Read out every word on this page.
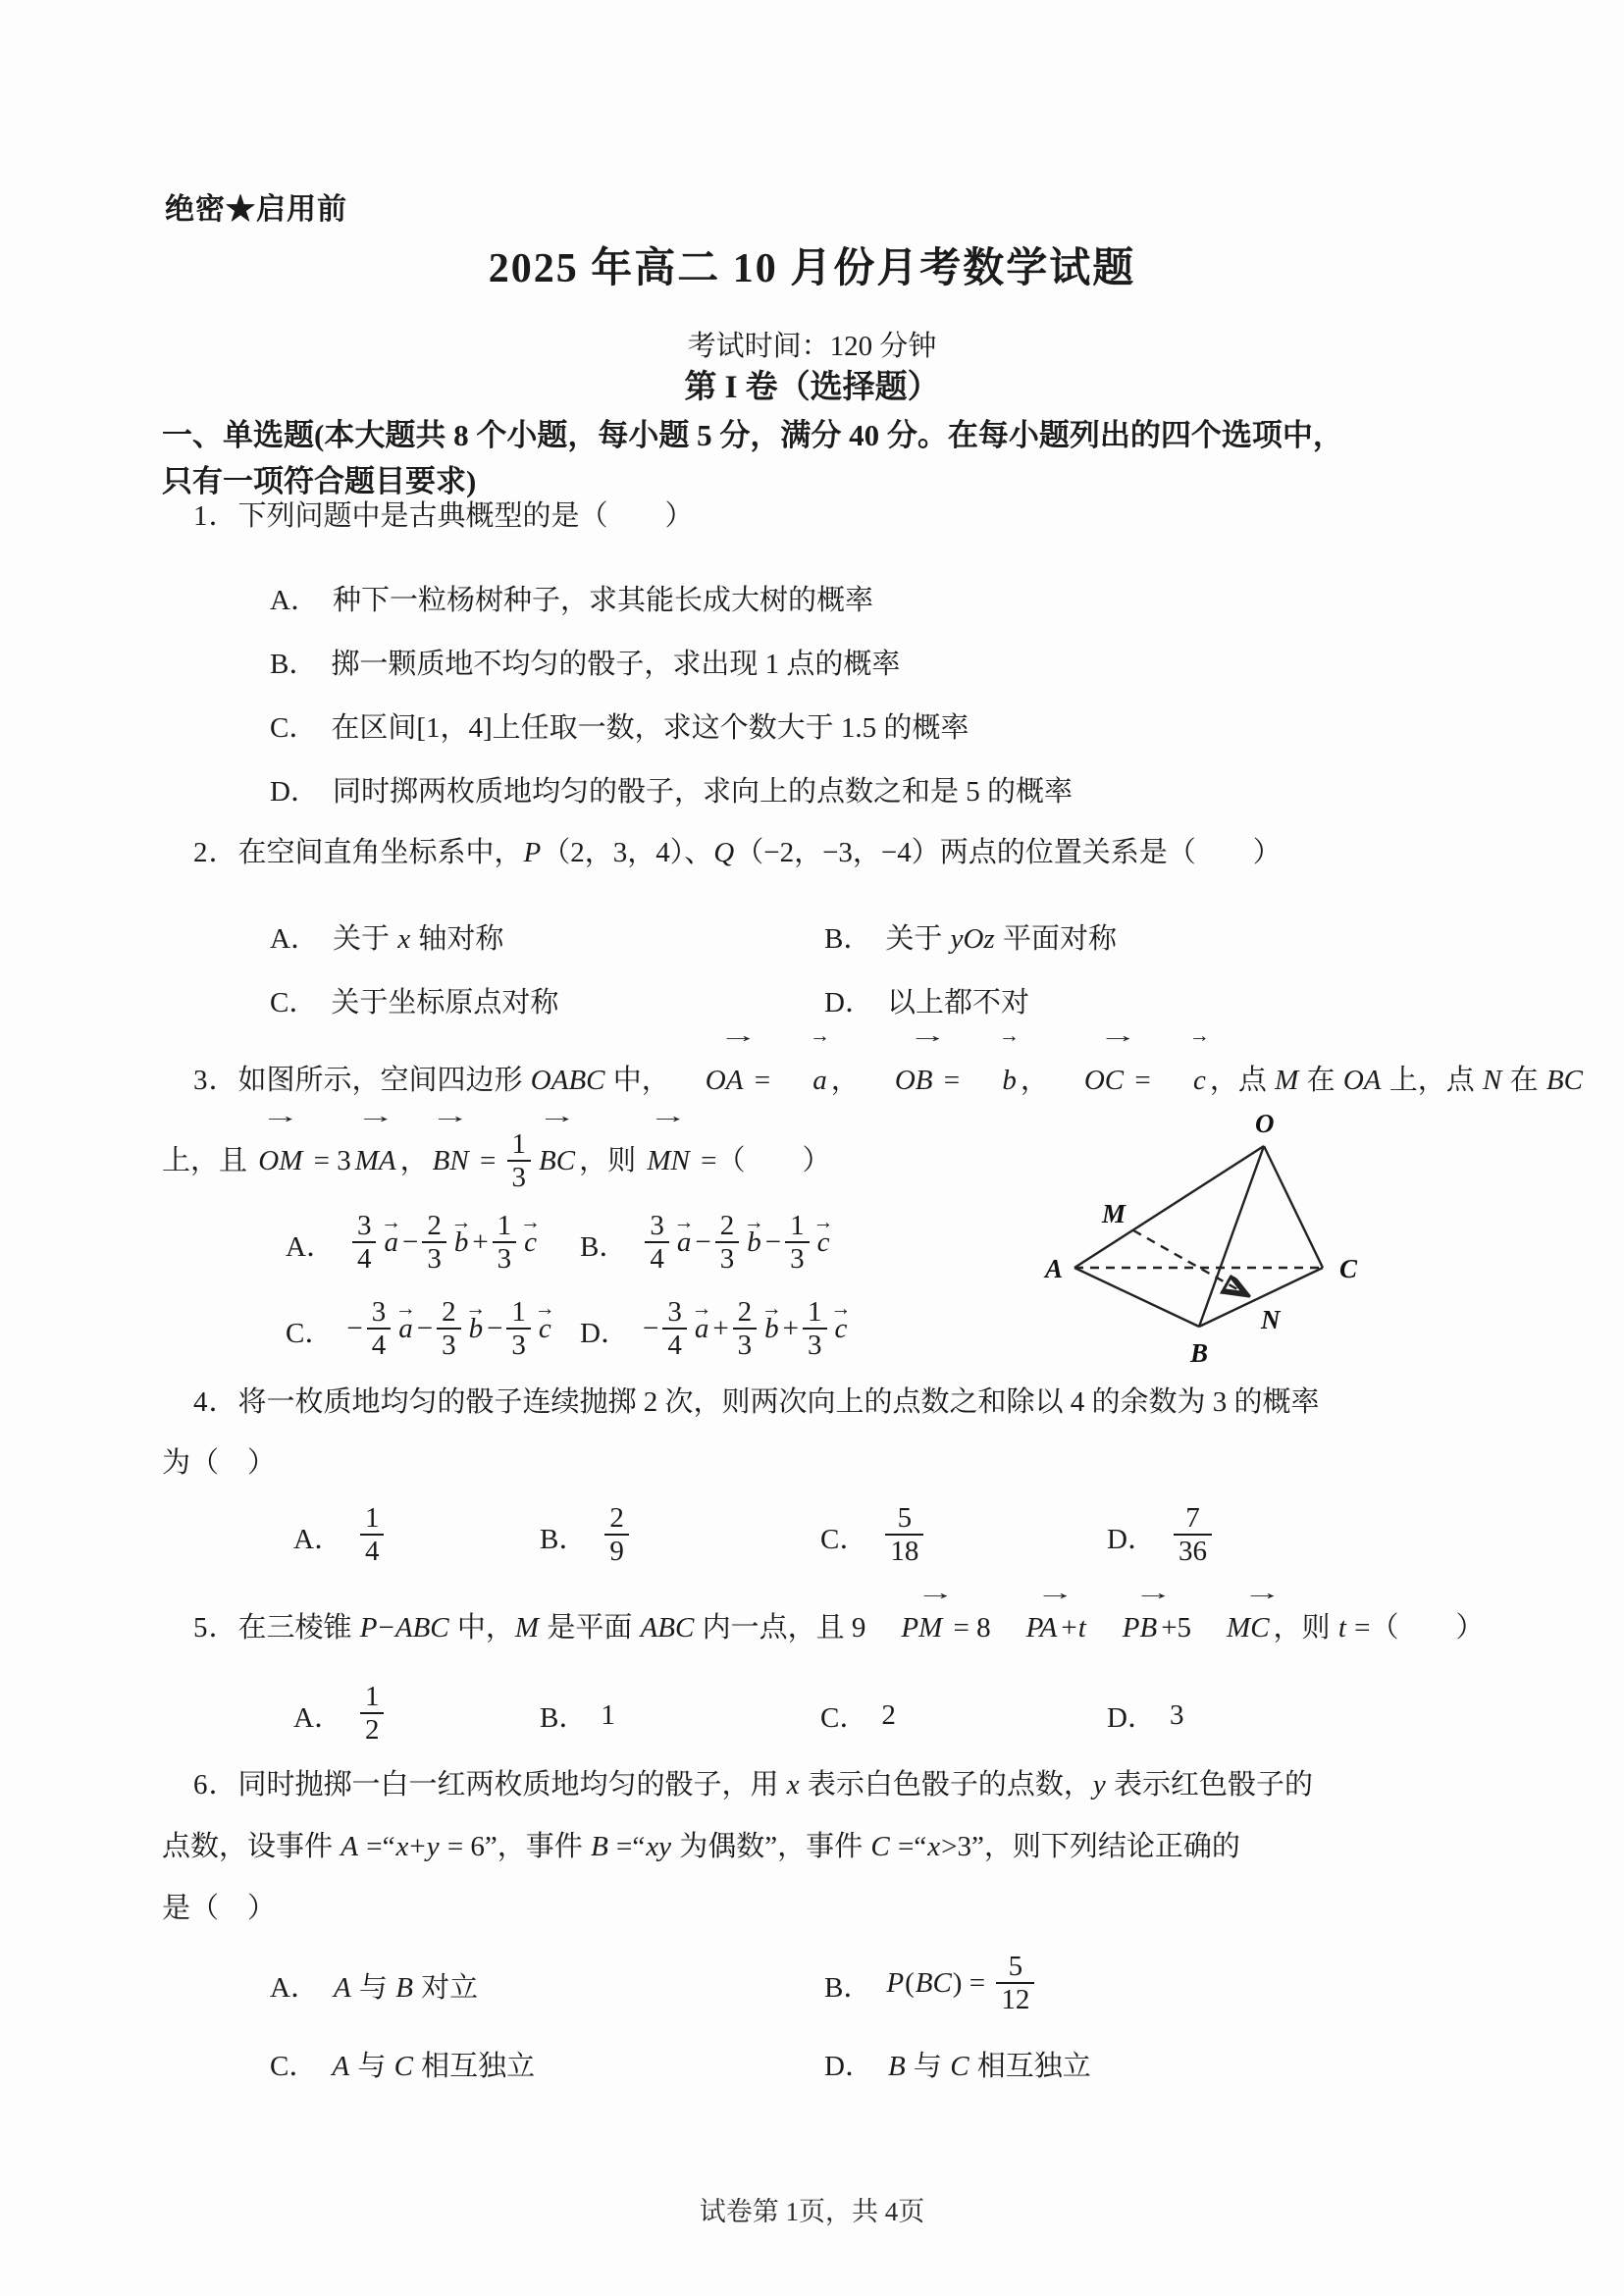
绝密★启用前
2025 年高二 10 月份月考数学试题
考试时间：120 分钟
第 I 卷（选择题）
一、单选题(本大题共 8 个小题，每小题 5 分，满分 40 分。在每小题列出的四个选项中，
只有一项符合题目要求)
1．下列问题中是古典概型的是（　　）
A． 种下一粒杨树种子，求其能长成大树的概率
B． 掷一颗质地不均匀的骰子，求出现 1 点的概率
C． 在区间[1，4]上任取一数，求这个数大于 1.5 的概率
D． 同时掷两枚质地均匀的骰子，求向上的点数之和是 5 的概率
2．在空间直角坐标系中，P（2，3，4）、Q（−2，−3，−4）两点的位置关系是（　　）
A． 关于 x 轴对称	B． 关于 yOz 平面对称
C． 关于坐标原点对称	D． 以上都不对
3．如图所示，空间四边形 OABC 中， → OA = → a ， → OB = → b ， → OC = → c ，点 M 在 OA 上，点 N 在 BC
上，且 → OM = 3 → MA ， → BN = $\frac{1}{3}$ → BC ，则 → MN =（　　）
A． $\frac{3}{4} \to a - \frac{2}{3} \to b + \frac{1}{3} \to c$ B． $\frac{3}{4} \to a - \frac{2}{3} \to b - \frac{1}{3} \to c$
C． − $\frac{3}{4} \to a - \frac{2}{3} \to b - \frac{1}{3} \to c$ D． − $\frac{3}{4} \to a + \frac{2}{3} \to b + \frac{1}{3} \to c$
O
A	C
B
M
N
4．将一枚质地均匀的骰子连续抛掷 2 次，则两次向上的点数之和除以 4 的余数为 3 的概率
为（　）
A． $\frac{1}{4}$	B． $\frac{2}{9}$	C． $\frac{5}{18}$	D． $\frac{7}{36}$
5．在三棱锥 P−ABC 中，M 是平面 ABC 内一点，且 9 → PM = 8 → PA +t → PB +5 → MC ，则 t =（　　）
A． $\frac{1}{2}$	B． 1	C． 2	D． 3
6．同时抛掷一白一红两枚质地均匀的骰子，用 x 表示白色骰子的点数，y 表示红色骰子的
点数，设事件 A =“x+y = 6”，事件 B =“xy 为偶数”，事件 C =“x>3”，则下列结论正确的
是（　）
A． A 与 B 对立	B． $P(BC) = \frac{5}{12}$
C． A 与 C 相互独立	D． B 与 C 相互独立
试卷第 1页，共 4页
